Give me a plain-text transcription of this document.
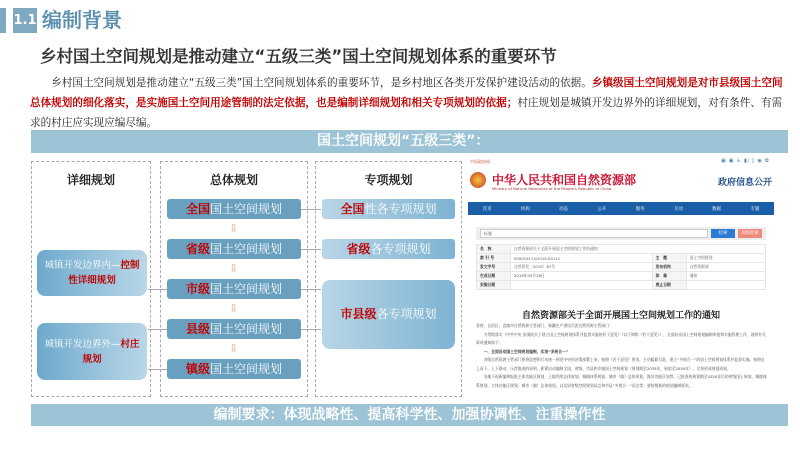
1.1 编制背景
乡村国土空间规划是推动建立“五级三类”国土空间规划体系的重要环节
乡村国土空间规划是推动建立“五级三类”国土空间规划体系的重要环节，是乡村地区各类开发保护建设活动的依据。乡镇级国土空间规划是对市县级国土空间总体规划的细化落实，是实施国土空间用途管制的法定依据，也是编制详细规划和相关专项规划的依据；村庄规划是城镇开发边界外的详细规划，对有条件、有需求的村庄应实现应编尽编。
国土空间规划“五级三类”：
详细规划	总体规划	专项规划
全国国土空间规划
⇩
省级国土空间规划
⇩
市级国土空间规划
⇩
县级国土空间规划
⇩
镇级国土空间规划
全国性各专项规划
省级各专项规划
市县级各专项规划
城镇开发边界内—控制性详细规划
城镇开发边界外—村庄规划
中国政府网	▣▣♿◧▯◉✿
中华人民共和国自然资源部
Ministry of Natural Resources of the People's Republic of China
政府信息公开
首页	机构	动态	公开	服务	互动	数据	专题
标题	检索	高级检索
名　称	自然资源部关于全面开展国土空间规划工作的通知		
索 引 号	000019174/2019-00111	主　题	国土空间规划
发文字号	自然资发〔2019〕87号	发布机构	自然资源部
生成日期	2019年05月28日	体　裁	通知
实施日期		废止日期	
自然资源部关于全面开展国土空间规划工作的通知
各省、自治区、直辖市自然资源主管部门，新疆生产建设兵团自然资源主管部门：

为贯彻落实《中共中央 国务院关于建立国土空间规划体系并监督实施的若干意见》（以下简称《若干意见》），全面启动国土空间规划编制审批和实施管理工作，现将有关事项通知如下：

一、全面启动国土空间规划编制，实现“多规合一”

各级自然资源主管部门要将思想和行动统一到党中央的决策部署上来，按照《若干意见》要求，主动履职尽责，建立“多规合一”的国土空间规划体系并监督实施。按照自上而下、上下联动、压茬推进的原则，抓紧启动编制全国、省级、市县和乡镇国土空间规划（规划期至2035年，展望至2050年），尽快形成规划成果。

各地不再新编和报批主体功能区规划、土地利用总体规划、城镇体系规划、城市（镇）总体规划、海洋功能区划等。已批准的规划期至2020年后的省级国土规划、城镇体系规划、主体功能区规划，城市（镇）总体规划，以及原省级空间规划试点和市县“多规合一”试点等，要按照新的规划编制要求。

编制要求：体现战略性、提高科学性、加强协调性、注重操作性
